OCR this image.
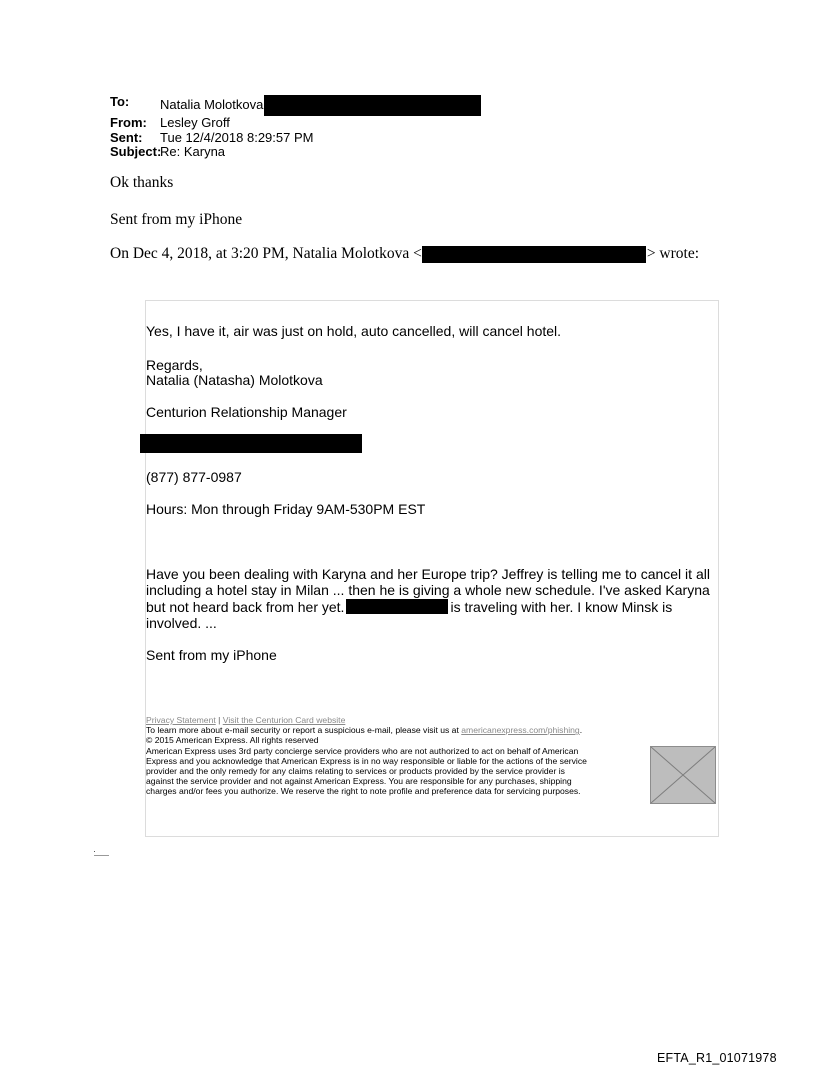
To:	Natalia Molotkova
From:	Lesley Groff
Sent:	Tue 12/4/2018 8:29:57 PM
Subject:
Re: Karyna
Ok thanks
Sent from my iPhone
On Dec 4, 2018, at 3:20 PM, Natalia Molotkova <	> wrote:
Yes, I have it, air was just on hold, auto cancelled, will cancel hotel.
Regards,
Natalia (Natasha) Molotkova
Centurion Relationship Manager
(877) 877-0987
Hours: Mon through Friday 9AM-530PM EST
Have you been dealing with Karyna and her Europe trip? Jeffrey is telling me to cancel it all
including a hotel stay in Milan ... then he is giving a whole new schedule. I've asked Karyna
but not heard back from her yet.	is traveling with her. I know Minsk is
involved. ...
Sent from my iPhone
Privacy Statement | Visit the Centurion Card website
To learn more about e-mail security or report a suspicious e-mail, please visit us at americanexpress.com/phishing.
© 2015 American Express. All rights reserved
American Express uses 3rd party concierge service providers who are not authorized to act on behalf of American
Express and you acknowledge that American Express is in no way responsible or liable for the actions of the service
provider and the only remedy for any claims relating to services or products provided by the service provider is
against the service provider and not against American Express. You are responsible for any purchases, shipping
charges and/or fees you authorize. We reserve the right to note profile and preference data for servicing purposes.
EFTA_R1_01071978
